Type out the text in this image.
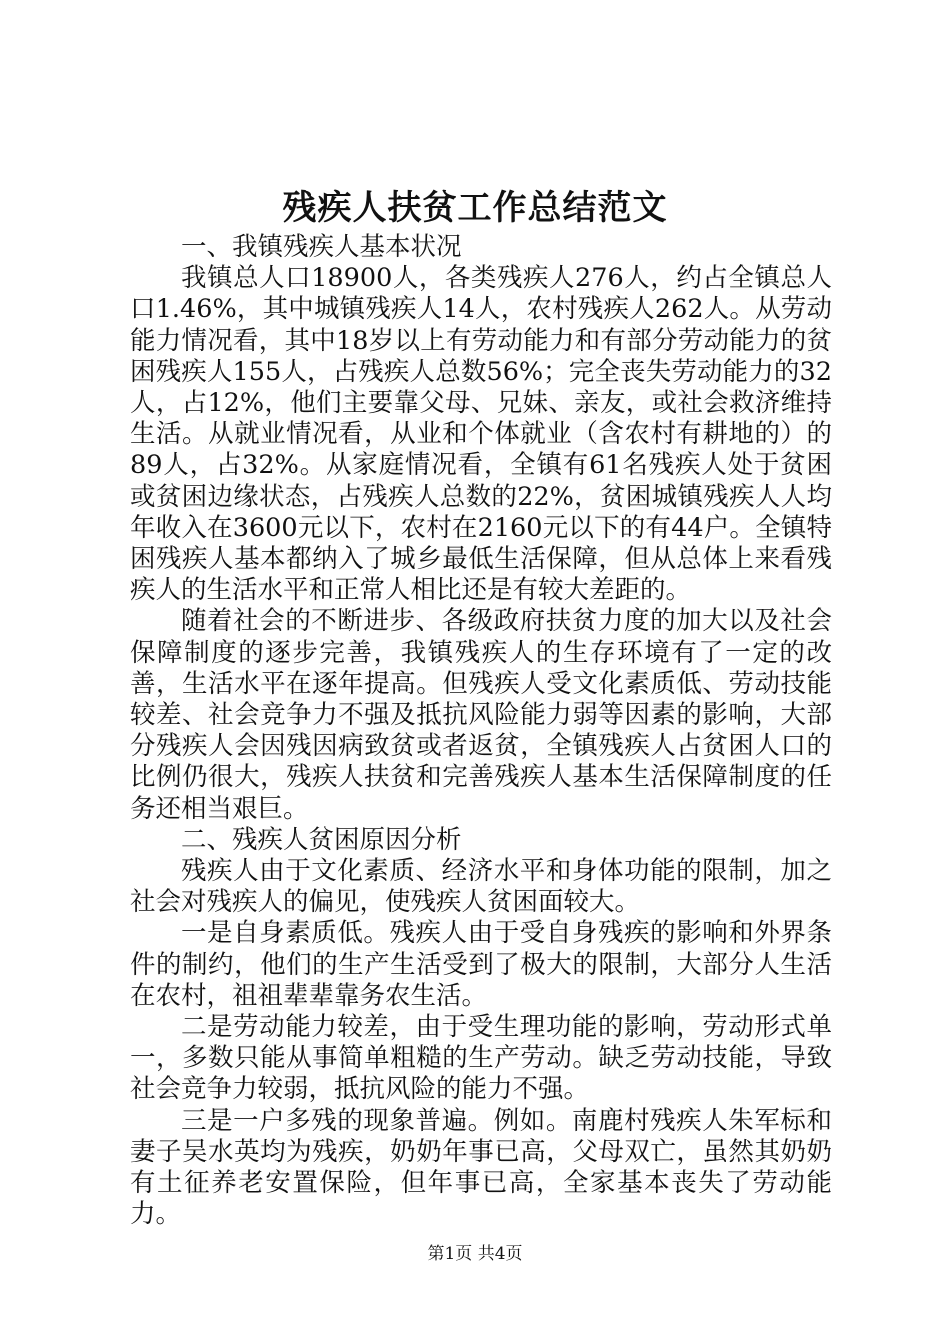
残疾人扶贫工作总结范文

一、我镇残疾人基本状况

我镇总人口18900人，各类残疾人276人，约占全镇总人口1.46%，其中城镇残疾人14人，农村残疾人262人。从劳动能力情况看，其中18岁以上有劳动能力和有部分劳动能力的贫困残疾人155人，占残疾人总数56%；完全丧失劳动能力的32人，占12%，他们主要靠父母、兄妹、亲友，或社会救济维持生活。从就业情况看，从业和个体就业（含农村有耕地的）的89人，占32%。从家庭情况看，全镇有61名残疾人处于贫困或贫困边缘状态，占残疾人总数的22%，贫困城镇残疾人人均年收入在3600元以下，农村在2160元以下的有44户。全镇特困残疾人基本都纳入了城乡最低生活保障，但从总体上来看残疾人的生活水平和正常人相比还是有较大差距的。

随着社会的不断进步、各级政府扶贫力度的加大以及社会保障制度的逐步完善，我镇残疾人的生存环境有了一定的改善，生活水平在逐年提高。但残疾人受文化素质低、劳动技能较差、社会竞争力不强及抵抗风险能力弱等因素的影响，大部分残疾人会因残因病致贫或者返贫，全镇残疾人占贫困人口的比例仍很大，残疾人扶贫和完善残疾人基本生活保障制度的任务还相当艰巨。

二、残疾人贫困原因分析

残疾人由于文化素质、经济水平和身体功能的限制，加之社会对残疾人的偏见，使残疾人贫困面较大。

一是自身素质低。残疾人由于受自身残疾的影响和外界条件的制约，他们的生产生活受到了极大的限制，大部分人生活在农村，祖祖辈辈靠务农生活。

二是劳动能力较差，由于受生理功能的影响，劳动形式单一，多数只能从事简单粗糙的生产劳动。缺乏劳动技能，导致社会竞争力较弱，抵抗风险的能力不强。

三是一户多残的现象普遍。例如。南鹿村残疾人朱军标和妻子吴水英均为残疾，奶奶年事已高，父母双亡，虽然其奶奶有土征养老安置保险，但年事已高，全家基本丧失了劳动能力。

第1页 共4页
